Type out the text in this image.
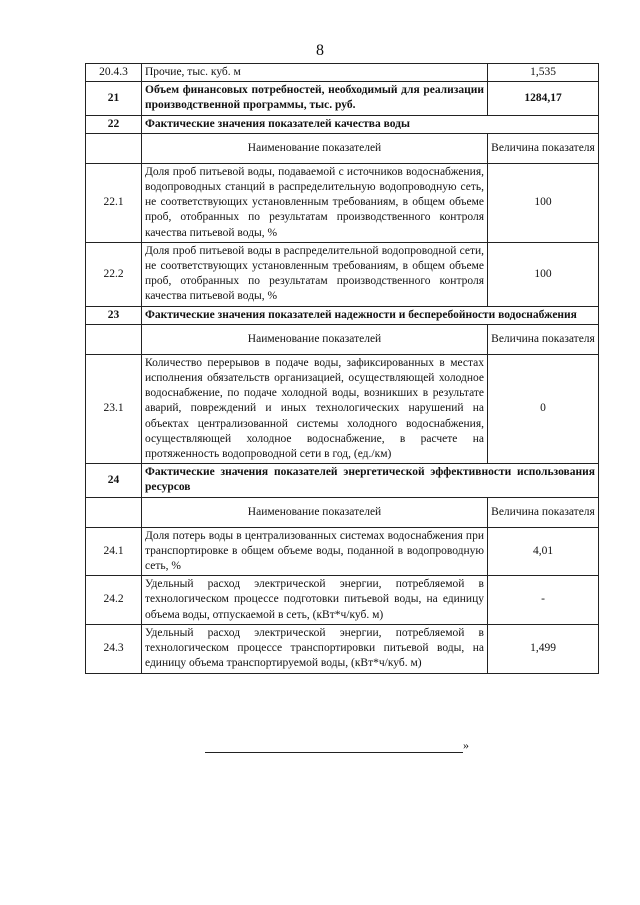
8
20.4.3	Прочие, тыс. куб. м	1,535
21	Объем финансовых потребностей, необходимый для реализации производственной программы, тыс. руб.	1284,17
22	Фактические значения показателей качества воды	
	Наименование показателей	Величина показателя
22.1	Доля проб питьевой воды, подаваемой с источников водоснабжения, водопроводных станций в распределительную водопроводную сеть, не соответствующих установленным требованиям, в общем объеме проб, отобранных по результатам производственного контроля качества питьевой воды, %	100
22.2	Доля проб питьевой воды в распределительной водопроводной сети, не соответствующих установленным требованиям, в общем объеме проб, отобранных по результатам производственного контроля качества питьевой воды, %	100
23	Фактические значения показателей надежности и бесперебойности водоснабжения	
	Наименование показателей	Величина показателя
23.1	Количество перерывов в подаче воды, зафиксированных в местах исполнения обязательств организацией, осуществляющей холодное водоснабжение, по подаче холодной воды, возникших в результате аварий, повреждений и иных технологических нарушений на объектах централизованной системы холодного водоснабжения, осуществляющей холодное водоснабжение, в расчете на протяженность водопроводной сети в год, (ед./км)	0
24	Фактические значения показателей энергетической эффективности использования ресурсов	
	Наименование показателей	Величина показателя
24.1	Доля потерь воды в централизованных системах водоснабжения при транспортировке в общем объеме воды, поданной в водопроводную сеть, %	4,01
24.2	Удельный расход электрической энергии, потребляемой в технологическом процессе подготовки питьевой воды, на единицу объема воды, отпускаемой в сеть, (кВт*ч/куб. м)	-
24.3	Удельный расход электрической энергии, потребляемой в технологическом процессе транспортировки питьевой воды, на единицу объема транспортируемой воды, (кВт*ч/куб. м)	1,499
»
